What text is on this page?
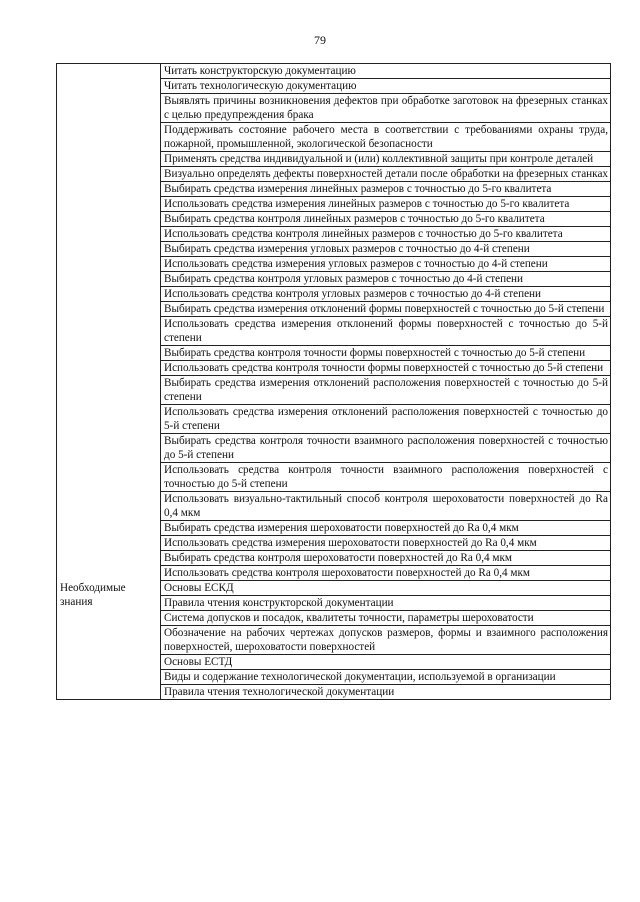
79
	Читать конструкторскую документацию
	Читать технологическую документацию
	Выявлять причины возникновения дефектов при обработке заготовок на фрезерных станках с целью предупреждения брака
	Поддерживать состояние рабочего места в соответствии с требованиями охраны труда, пожарной, промышленной, экологической безопасности
	Применять средства индивидуальной и (или) коллективной защиты при контроле деталей
	Визуально определять дефекты поверхностей детали после обработки на фрезерных станках
	Выбирать средства измерения линейных размеров с точностью до 5-го квалитета
	Использовать средства измерения линейных размеров с точностью до 5-го квалитета
	Выбирать средства контроля линейных размеров с точностью до 5-го квалитета
	Использовать средства контроля линейных размеров с точностью до 5-го квалитета
	Выбирать средства измерения угловых размеров с точностью до 4-й степени
	Использовать средства измерения угловых размеров с точностью до 4-й степени
	Выбирать средства контроля угловых размеров с точностью до 4-й степени
	Использовать средства контроля угловых размеров с точностью до 4-й степени
	Выбирать средства измерения отклонений формы поверхностей с точностью до 5-й степени
	Использовать средства измерения отклонений формы поверхностей с точностью до 5-й степени
	Выбирать средства контроля точности формы поверхностей с точностью до 5-й степени
	Использовать средства контроля точности формы поверхностей с точностью до 5-й степени
	Выбирать средства измерения отклонений расположения поверхностей с точностью до 5-й степени
	Использовать средства измерения отклонений расположения поверхностей с точностью до 5-й степени
	Выбирать средства контроля точности взаимного расположения поверхностей с точностью до 5-й степени
	Использовать средства контроля точности взаимного расположения поверхностей с точностью до 5-й степени
	Использовать визуально-тактильный способ контроля шероховатости поверхностей до Ra 0,4 мкм
	Выбирать средства измерения шероховатости поверхностей до Ra 0,4 мкм
	Использовать средства измерения шероховатости поверхностей до Ra 0,4 мкм
	Выбирать средства контроля шероховатости поверхностей до Ra 0,4 мкм
	Использовать средства контроля шероховатости поверхностей до Ra 0,4 мкм
Необходимые знания	Основы ЕСКД
	Правила чтения конструкторской документации
	Система допусков и посадок, квалитеты точности, параметры шероховатости
	Обозначение на рабочих чертежах допусков размеров, формы и взаимного расположения поверхностей, шероховатости поверхностей
	Основы ЕСТД
	Виды и содержание технологической документации, используемой в организации
	Правила чтения технологической документации
